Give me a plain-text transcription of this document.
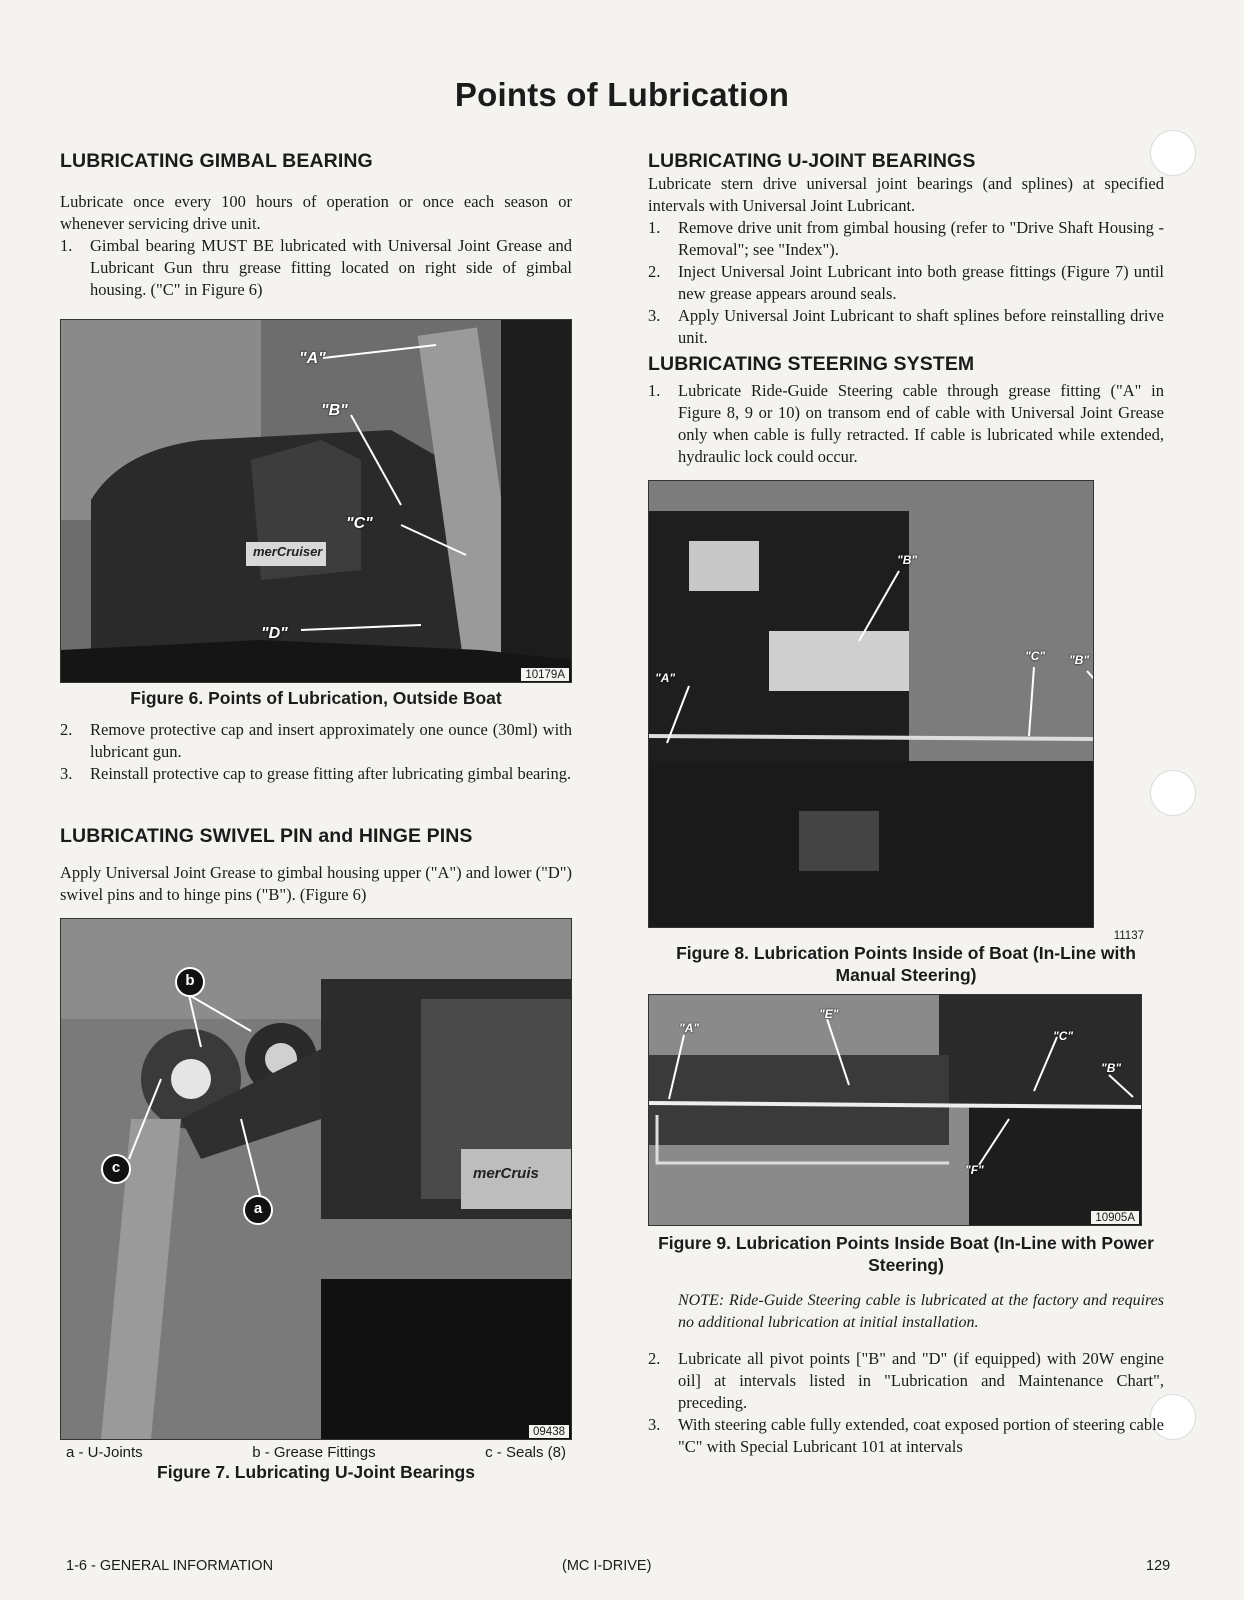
Points of Lubrication
LUBRICATING GIMBAL BEARING

Lubricate once every 100 hours of operation or once each season or whenever servicing drive unit.

1.	Gimbal bearing MUST BE lubricated with Universal Joint Grease and Lubricant Gun thru grease fitting located on right side of gimbal housing. ("C" in Figure 6)
"A"
"B"
"C"
"D"
merCruiser
10179A
Figure 6. Points of Lubrication, Outside Boat
2.	Remove protective cap and insert approximately one ounce (30ml) with lubricant gun.
3.	Reinstall protective cap to grease fitting after lubricating gimbal bearing.
LUBRICATING SWIVEL PIN and HINGE PINS

Apply Universal Joint Grease to gimbal housing upper ("A") and lower ("D") swivel pins and to hinge pins ("B"). (Figure 6)

b
c
a
merCruis
09438
a - U-Joints	b - Grease Fittings	c - Seals (8)
Figure 7. Lubricating U-Joint Bearings
LUBRICATING U-JOINT BEARINGS

Lubricate stern drive universal joint bearings (and splines) at specified intervals with Universal Joint Lubricant.

1.	Remove drive unit from gimbal housing (refer to "Drive Shaft Housing - Removal"; see "Index").
2.	Inject Universal Joint Lubricant into both grease fittings (Figure 7) until new grease appears around seals.
3.	Apply Universal Joint Lubricant to shaft splines before reinstalling drive unit.
LUBRICATING STEERING SYSTEM
1.	Lubricate Ride-Guide Steering cable through grease fitting ("A" in Figure 8, 9 or 10) on transom end of cable with Universal Joint Grease only when cable is fully retracted. If cable is lubricated while extended, hydraulic lock could occur.
"A"
"B"
"C" "B"
11137
Figure 8. Lubrication Points Inside of Boat (In-Line with Manual Steering)
"A"
"E"
"C"
"B"
"F"
10905A
Figure 9. Lubrication Points Inside Boat (In-Line with Power Steering)

NOTE: Ride-Guide Steering cable is lubricated at the factory and requires no additional lubrication at initial installation.

2.	Lubricate all pivot points ["B" and "D" (if equipped) with 20W engine oil] at intervals listed in "Lubrication and Maintenance Chart", preceding.
3.	With steering cable fully extended, coat exposed portion of steering cable "C" with Special Lubricant 101 at intervals
1-6 - GENERAL INFORMATION	(MC I-DRIVE)	129
